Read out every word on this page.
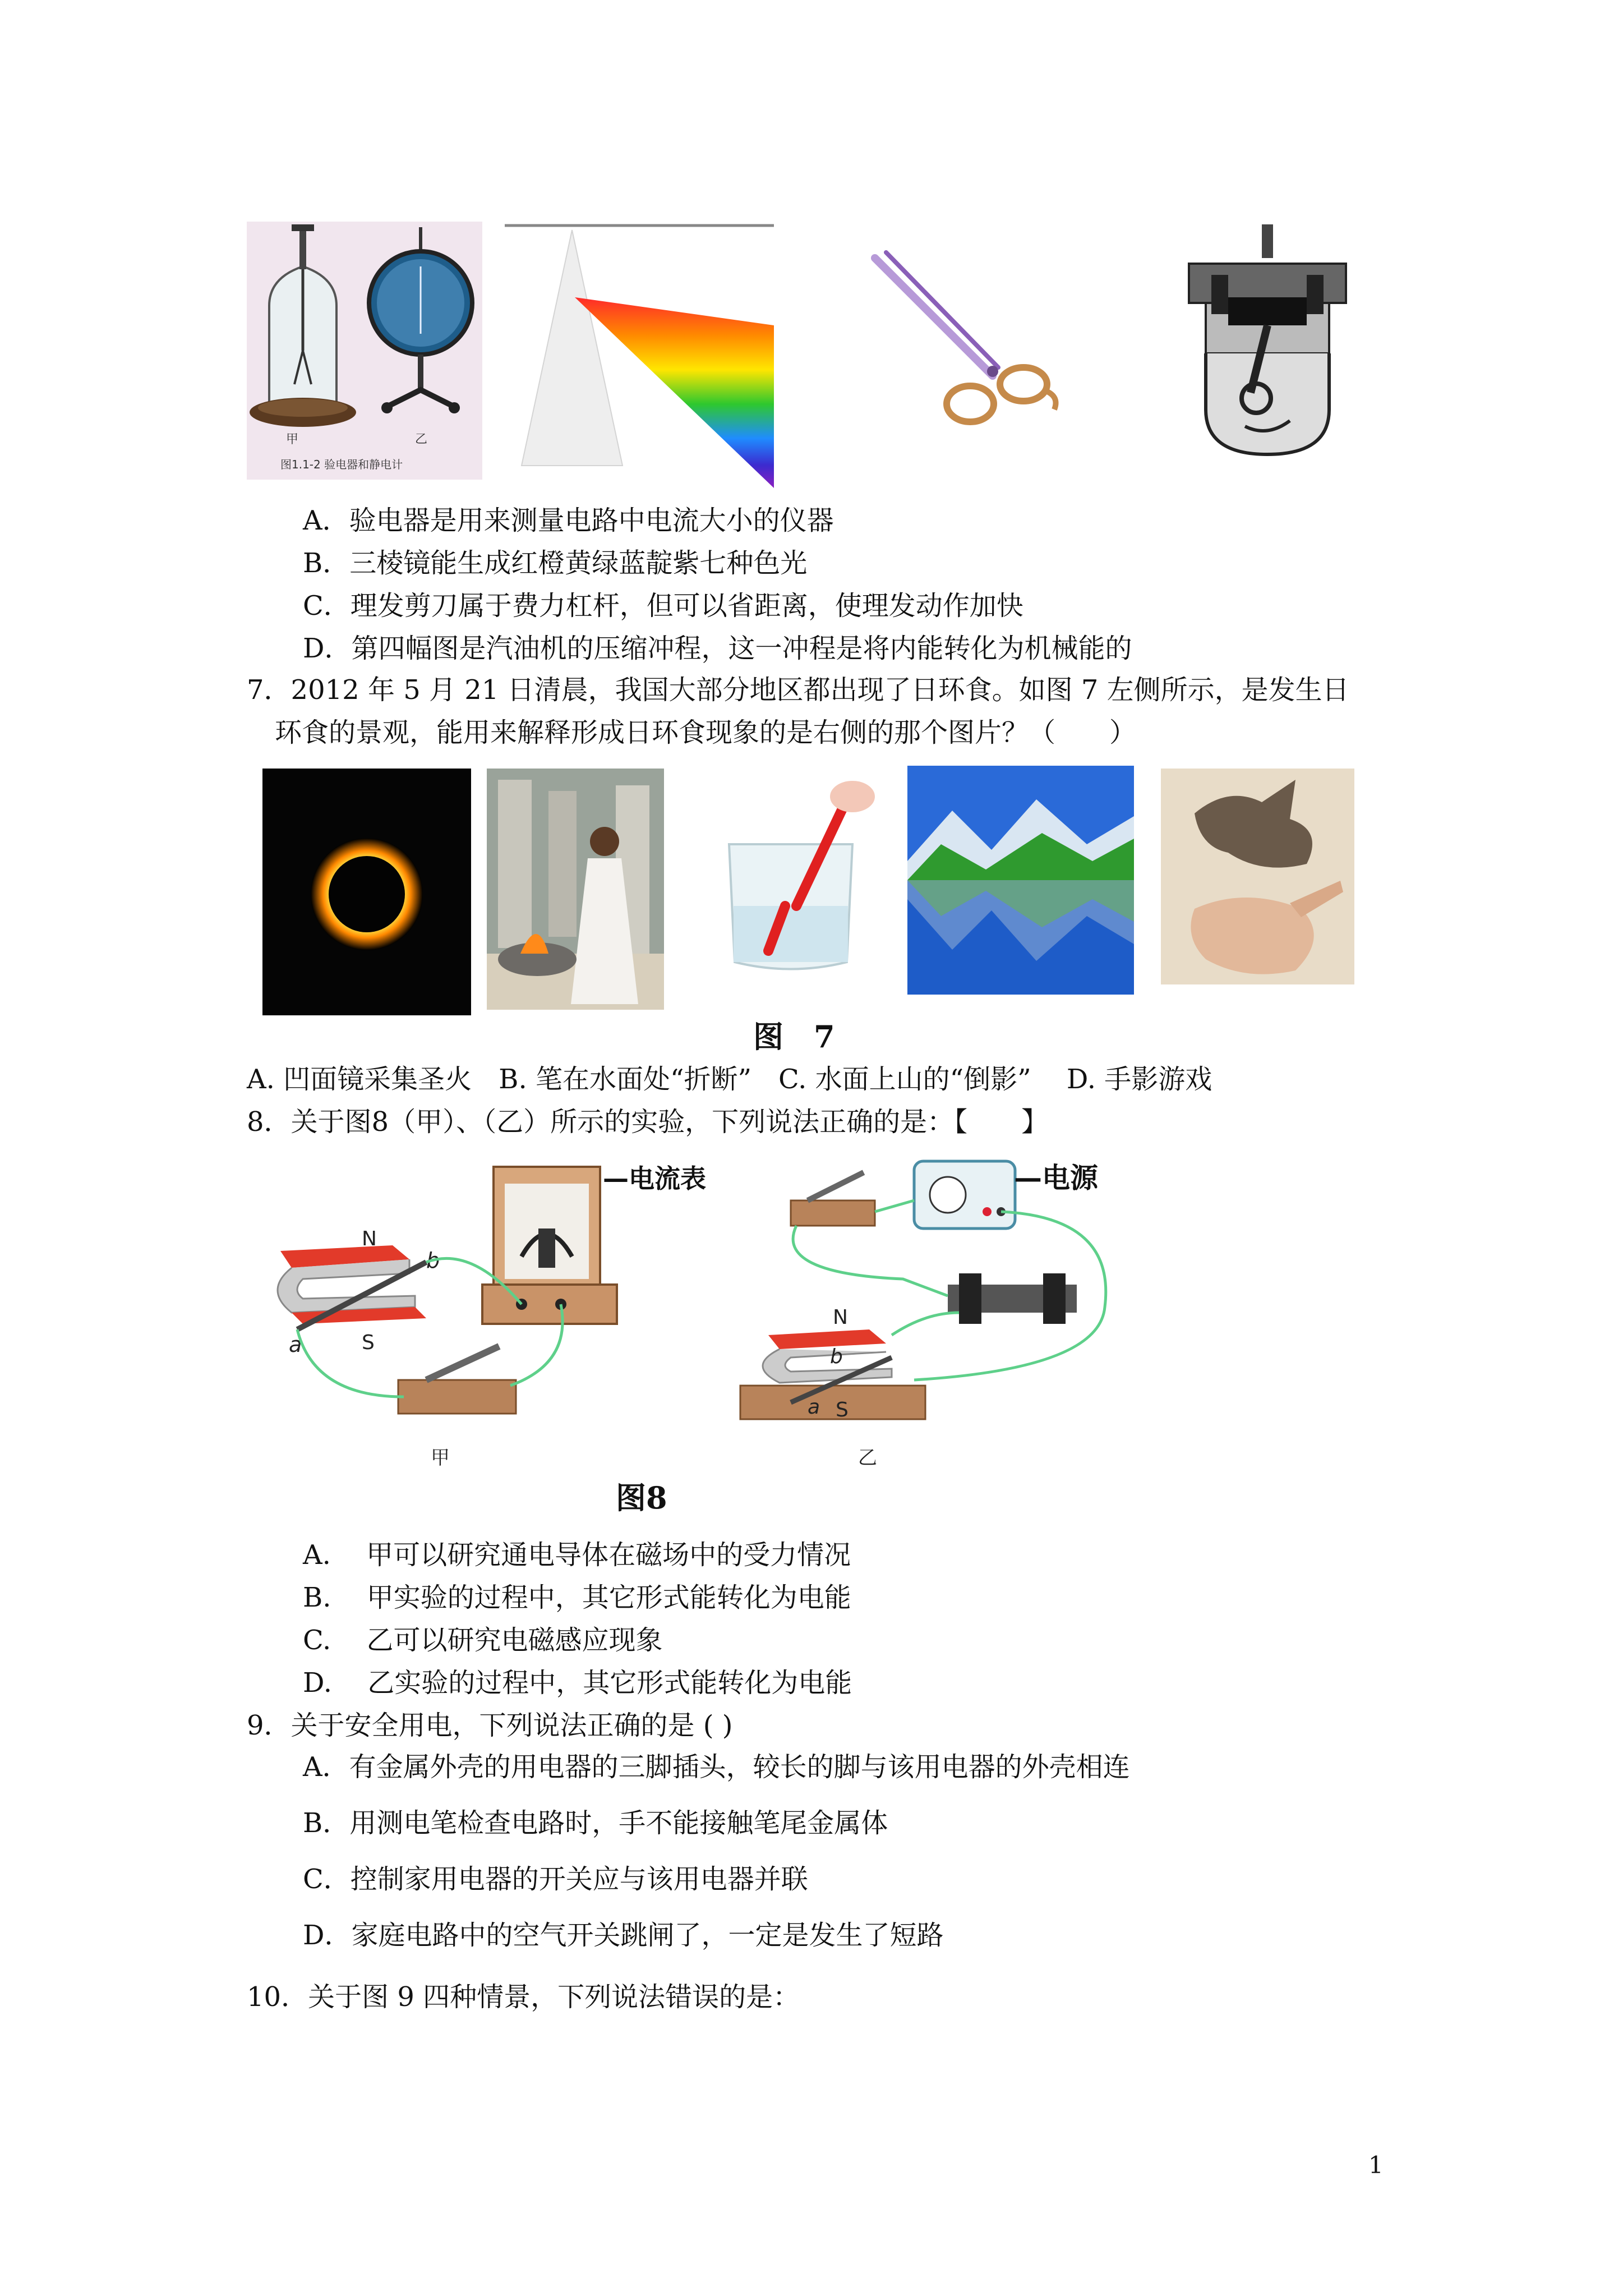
甲	乙
图1.1-2 验电器和静电计
A．验电器是用来测量电路中电流大小的仪器
B．三棱镜能生成红橙黄绿蓝靛紫七种色光
C．理发剪刀属于费力杠杆，但可以省距离，使理发动作加快
D．第四幅图是汽油机的压缩冲程，这一冲程是将内能转化为机械能的
7．2012 年 5 月 21 日清晨，我国大部分地区都出现了日环食。如图 7 左侧所示，是发生日
环食的景观，能用来解释形成日环食现象的是右侧的那个图片？（　　）
图　7
A. 凹面镜采集圣火　B. 笔在水面处“折断”　C. 水面上山的“倒影”　 D. 手影游戏
8．关于图8（甲）、（乙）所示的实验，下列说法正确的是：【　　】
N
S
a
b
甲
—电流表
N
a S
b
乙
—电源
图8
A.　 甲可以研究通电导体在磁场中的受力情况
B.　 甲实验的过程中，其它形式能转化为电能
C.　 乙可以研究电磁感应现象
D.　 乙实验的过程中，其它形式能转化为电能
9．关于安全用电，下列说法正确的是 ( )
A．有金属外壳的用电器的三脚插头，较长的脚与该用电器的外壳相连
B．用测电笔检查电路时，手不能接触笔尾金属体
C．控制家用电器的开关应与该用电器并联
D．家庭电路中的空气开关跳闸了，一定是发生了短路
10．关于图 9 四种情景，下列说法错误的是：
1
